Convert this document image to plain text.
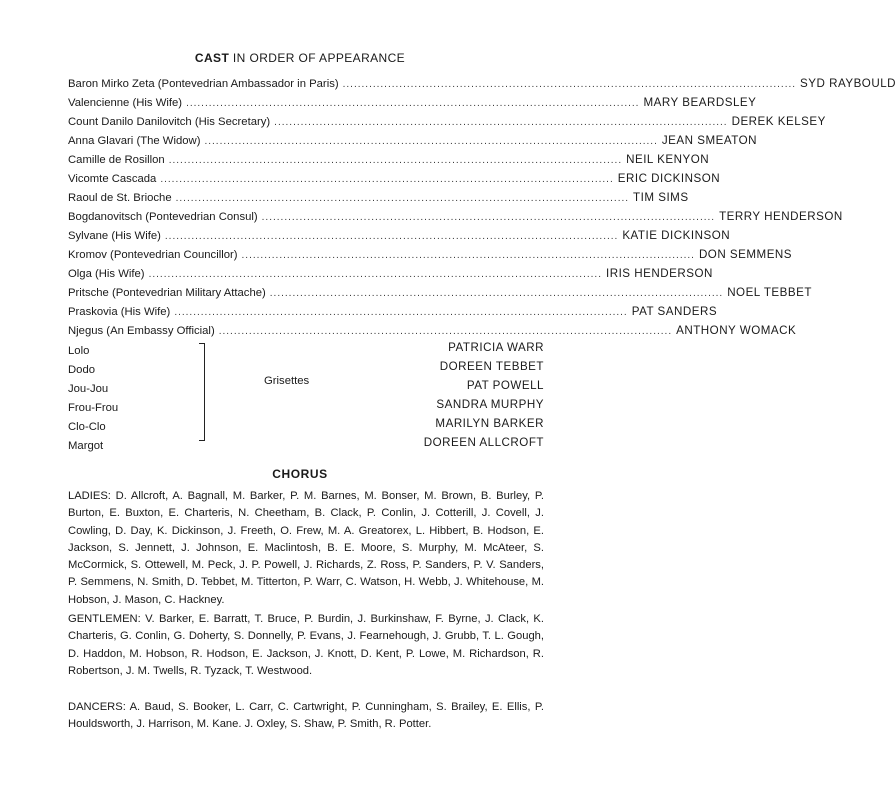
CAST IN ORDER OF APPEARANCE
Baron Mirko Zeta (Pontevedrian Ambassador in Paris) ........................................................................................................................ SYD RAYBOULD
Valencienne (His Wife) ........................................................................................................................ MARY BEARDSLEY
Count Danilo Danilovitch (His Secretary) ........................................................................................................................ DEREK KELSEY
Anna Glavari (The Widow) ........................................................................................................................ JEAN SMEATON
Camille de Rosillon ........................................................................................................................ NEIL KENYON
Vicomte Cascada ........................................................................................................................ ERIC DICKINSON
Raoul de St. Brioche ........................................................................................................................ TIM SIMS
Bogdanovitsch (Pontevedrian Consul) ........................................................................................................................ TERRY HENDERSON
Sylvane (His Wife) ........................................................................................................................ KATIE DICKINSON
Kromov (Pontevedrian Councillor) ........................................................................................................................ DON SEMMENS
Olga (His Wife) ........................................................................................................................ IRIS HENDERSON
Pritsche (Pontevedrian Military Attache) ........................................................................................................................ NOEL TEBBET
Praskovia (His Wife) ........................................................................................................................ PAT SANDERS
Njegus (An Embassy Official) ........................................................................................................................ ANTHONY WOMACK
Lolo
Dodo
Jou-Jou
Frou-Frou
Clo-Clo
Margot
Grisettes
PATRICIA WARR
DOREEN TEBBET
PAT POWELL
SANDRA MURPHY
MARILYN BARKER
DOREEN ALLCROFT
CHORUS
LADIES: D. Allcroft, A. Bagnall, M. Barker, P. M. Barnes, M. Bonser, M. Brown, B. Burley, P. Burton, E. Buxton, E. Charteris, N. Cheetham, B. Clack, P. Conlin, J. Cotterill, J. Covell, J. Cowling, D. Day, K. Dickinson, J. Freeth, O. Frew, M. A. Greatorex, L. Hibbert, B. Hodson, E. Jackson, S. Jennett, J. Johnson, E. Maclintosh, B. E. Moore, S. Murphy, M. McAteer, S. McCormick, S. Ottewell, M. Peck, J. P. Powell, J. Richards, Z. Ross, P. Sanders, P. V. Sanders, P. Semmens, N. Smith, D. Tebbet, M. Titterton, P. Warr, C. Watson, H. Webb, J. Whitehouse, M. Hobson, J. Mason, C. Hackney.
GENTLEMEN: V. Barker, E. Barratt, T. Bruce, P. Burdin, J. Burkinshaw, F. Byrne, J. Clack, K. Charteris, G. Conlin, G. Doherty, S. Donnelly, P. Evans, J. Fearnehough, J. Grubb, T. L. Gough, D. Haddon, M. Hobson, R. Hodson, E. Jackson, J. Knott, D. Kent, P. Lowe, M. Richardson, R. Robertson, J. M. Twells, R. Tyzack, T. Westwood.
DANCERS: A. Baud, S. Booker, L. Carr, C. Cartwright, P. Cunningham, S. Brailey, E. Ellis, P. Houldsworth, J. Harrison, M. Kane. J. Oxley, S. Shaw, P. Smith, R. Potter.
